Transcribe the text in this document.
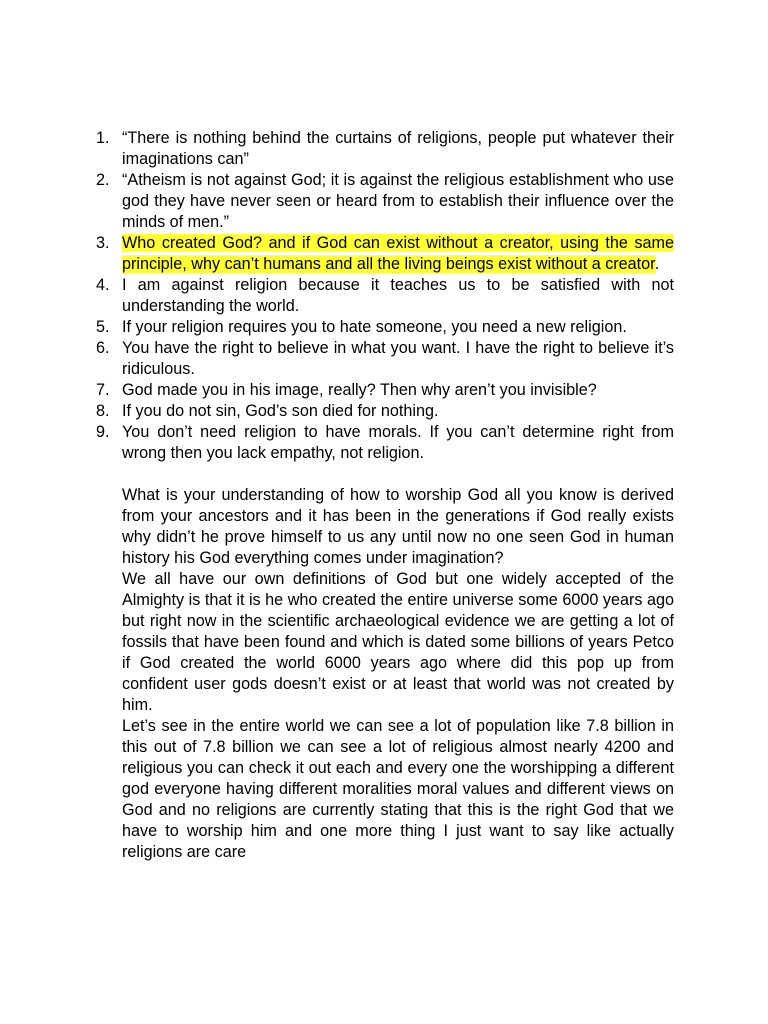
1. “There is nothing behind the curtains of religions, people put whatever their imaginations can”
2. “Atheism is not against God; it is against the religious establishment who use god they have never seen or heard from to establish their influence over the minds of men.”
3. Who created God? and if God can exist without a creator, using the same principle, why can’t humans and all the living beings exist without a creator.
4. I am against religion because it teaches us to be satisfied with not understanding the world.
5. If your religion requires you to hate someone, you need a new religion.
6. You have the right to believe in what you want. I have the right to believe it’s ridiculous.
7. God made you in his image, really? Then why aren’t you invisible?
8. If you do not sin, God’s son died for nothing.
9. You don’t need religion to have morals. If you can’t determine right from wrong then you lack empathy, not religion.

What is your understanding of how to worship God all you know is derived from your ancestors and it has been in the generations if God really exists why didn’t he prove himself to us any until now no one seen God in human history his God everything comes under imagination?

We all have our own definitions of God but one widely accepted of the Almighty is that it is he who created the entire universe some 6000 years ago but right now in the scientific archaeological evidence we are getting a lot of fossils that have been found and which is dated some billions of years Petco if God created the world 6000 years ago where did this pop up from confident user gods doesn’t exist or at least that world was not created by him.

Let’s see in the entire world we can see a lot of population like 7.8 billion in this out of 7.8 billion we can see a lot of religious almost nearly 4200 and religious you can check it out each and every one the worshipping a different god everyone having different moralities moral values and different views on God and no religions are currently stating that this is the right God that we have to worship him and one more thing I just want to say like actually religions are care
